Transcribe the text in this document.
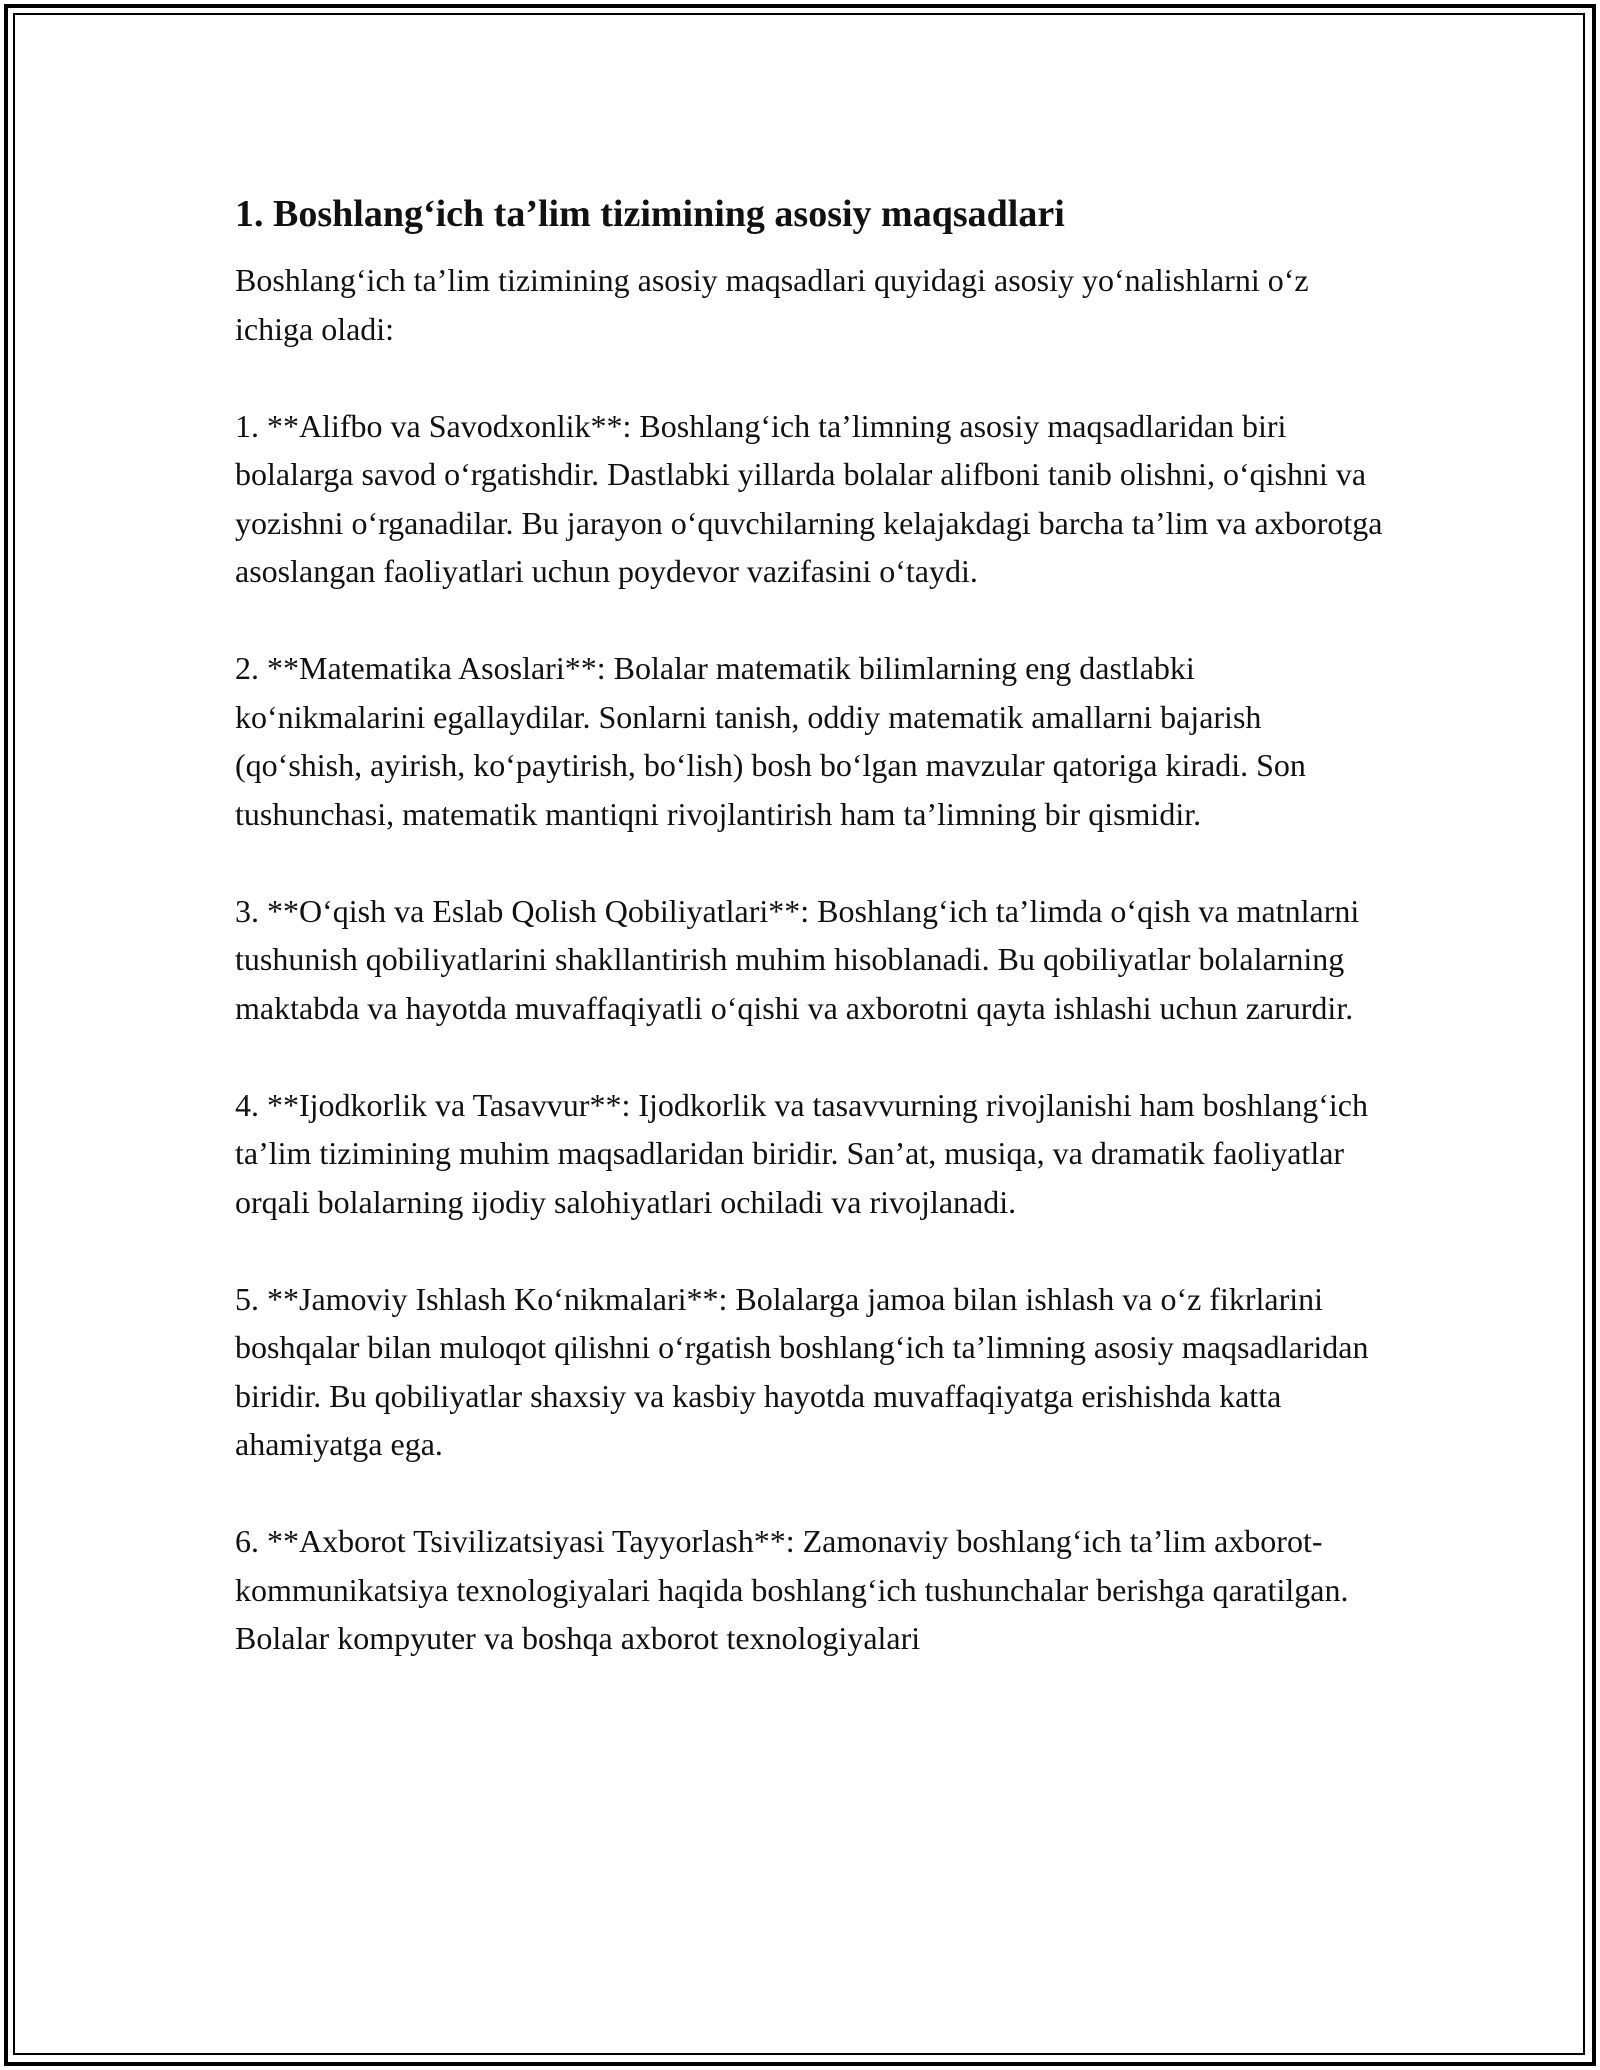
1. Boshlang‘ich ta’lim tizimining asosiy maqsadlari

Boshlang‘ich ta’lim tizimining asosiy maqsadlari quyidagi asosiy yo‘nalishlarni o‘z ichiga oladi:

1. **Alifbo va Savodxonlik**: Boshlang‘ich ta’limning asosiy maqsadlaridan biri bolalarga savod o‘rgatishdir. Dastlabki yillarda bolalar alifboni tanib olishni, o‘qishni va yozishni o‘rganadilar. Bu jarayon o‘quvchilarning kelajakdagi barcha ta’lim va axborotga asoslangan faoliyatlari uchun poydevor vazifasini o‘taydi.

2. **Matematika Asoslari**: Bolalar matematik bilimlarning eng dastlabki ko‘nikmalarini egallaydilar. Sonlarni tanish, oddiy matematik amallarni bajarish (qo‘shish, ayirish, ko‘paytirish, bo‘lish) bosh bo‘lgan mavzular qatoriga kiradi. Son tushunchasi, matematik mantiqni rivojlantirish ham ta’limning bir qismidir.

3. **O‘qish va Eslab Qolish Qobiliyatlari**: Boshlang‘ich ta’limda o‘qish va matnlarni tushunish qobiliyatlarini shakllantirish muhim hisoblanadi. Bu qobiliyatlar bolalarning maktabda va hayotda muvaffaqiyatli o‘qishi va axborotni qayta ishlashi uchun zarurdir.

4. **Ijodkorlik va Tasavvur**: Ijodkorlik va tasavvurning rivojlanishi ham boshlang‘ich ta’lim tizimining muhim maqsadlaridan biridir. San’at, musiqa, va dramatik faoliyatlar orqali bolalarning ijodiy salohiyatlari ochiladi va rivojlanadi.

5. **Jamoviy Ishlash Ko‘nikmalari**: Bolalarga jamoa bilan ishlash va o‘z fikrlarini boshqalar bilan muloqot qilishni o‘rgatish boshlang‘ich ta’limning asosiy maqsadlaridan biridir. Bu qobiliyatlar shaxsiy va kasbiy hayotda muvaffaqiyatga erishishda katta ahamiyatga ega.

6. **Axborot Tsivilizatsiyasi Tayyorlash**: Zamonaviy boshlang‘ich ta’lim axborot-kommunikatsiya texnologiyalari haqida boshlang‘ich tushunchalar berishga qaratilgan. Bolalar kompyuter va boshqa axborot texnologiyalari
